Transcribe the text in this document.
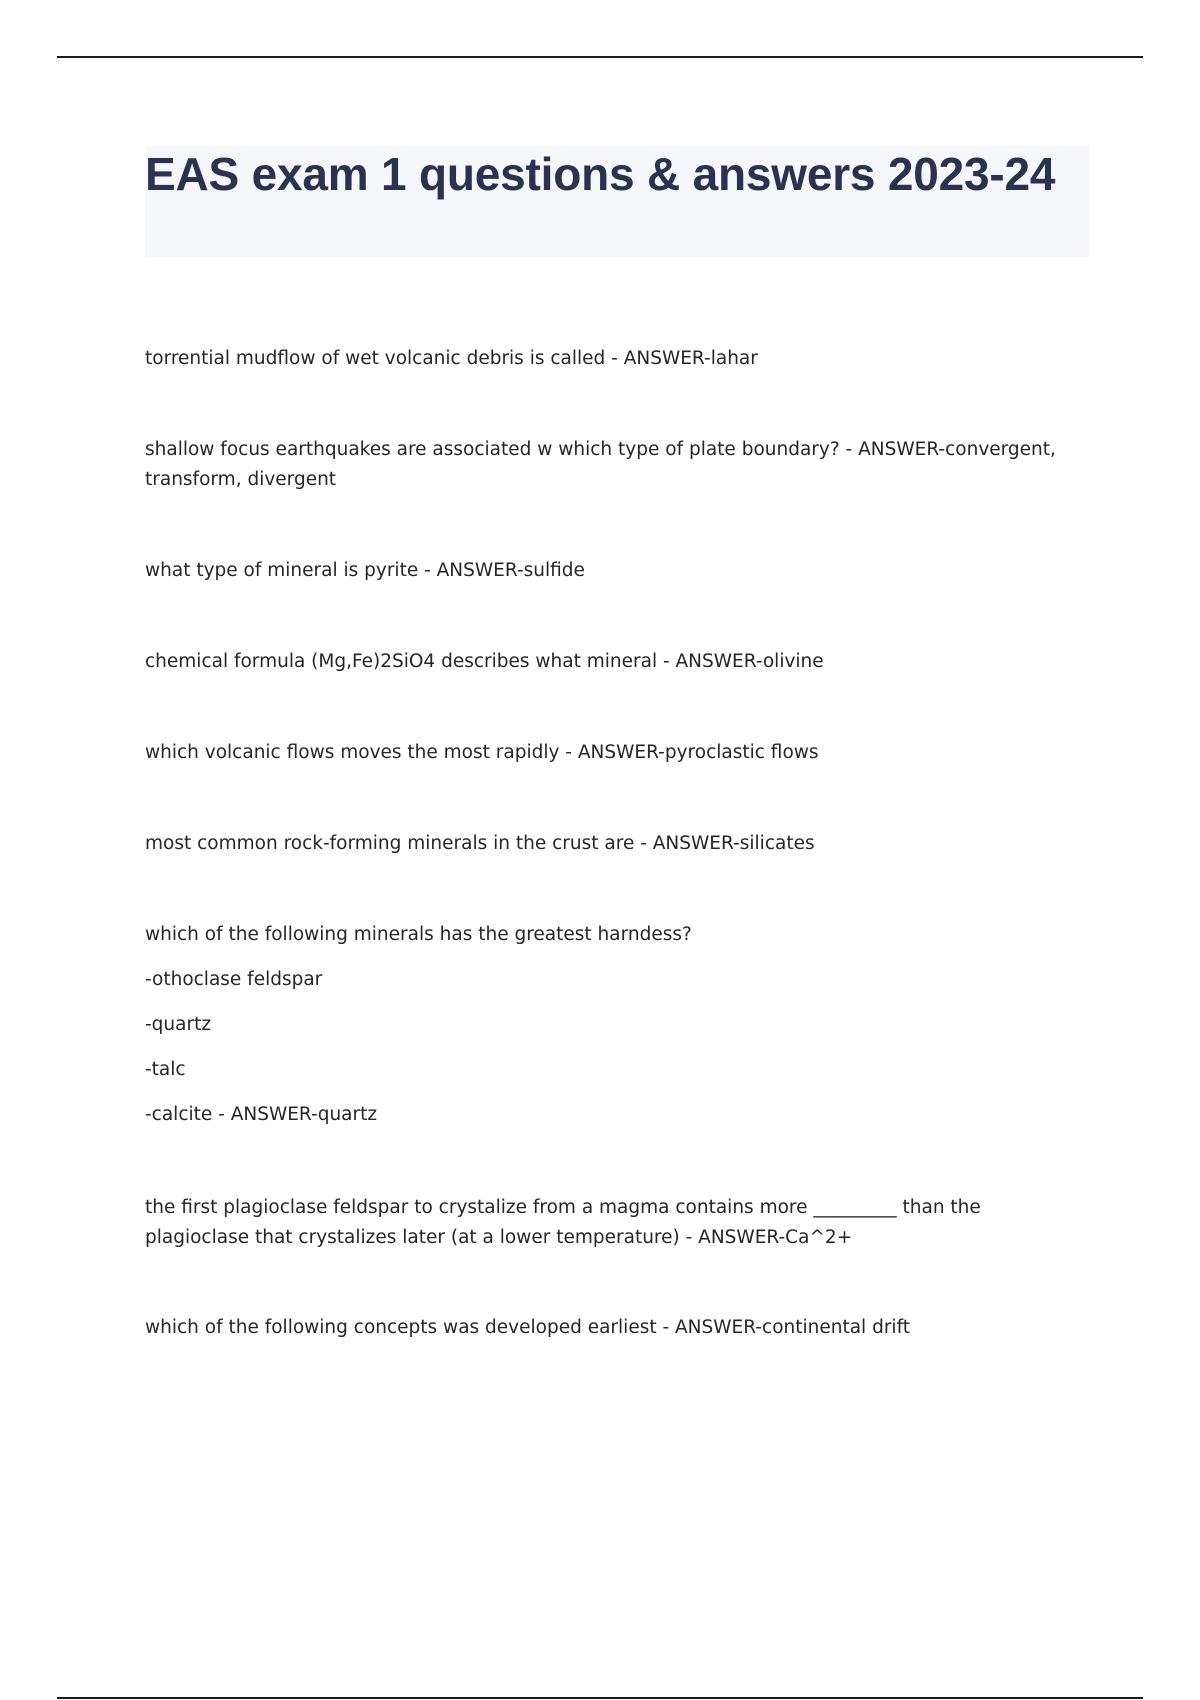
EAS exam 1 questions & answers 2023-24

torrential mudflow of wet volcanic debris is called - ANSWER-lahar

shallow focus earthquakes are associated w which type of plate boundary? - ANSWER-convergent, transform, divergent

what type of mineral is pyrite - ANSWER-sulfide

chemical formula (Mg,Fe)2SiO4 describes what mineral - ANSWER-olivine

which volcanic flows moves the most rapidly - ANSWER-pyroclastic flows

most common rock-forming minerals in the crust are - ANSWER-silicates

which of the following minerals has the greatest harndess?

-othoclase feldspar

-quartz

-talc

-calcite - ANSWER-quartz

the first plagioclase feldspar to crystalize from a magma contains more _________ than the plagioclase that crystalizes later (at a lower temperature) - ANSWER-Ca^2+

which of the following concepts was developed earliest - ANSWER-continental drift
